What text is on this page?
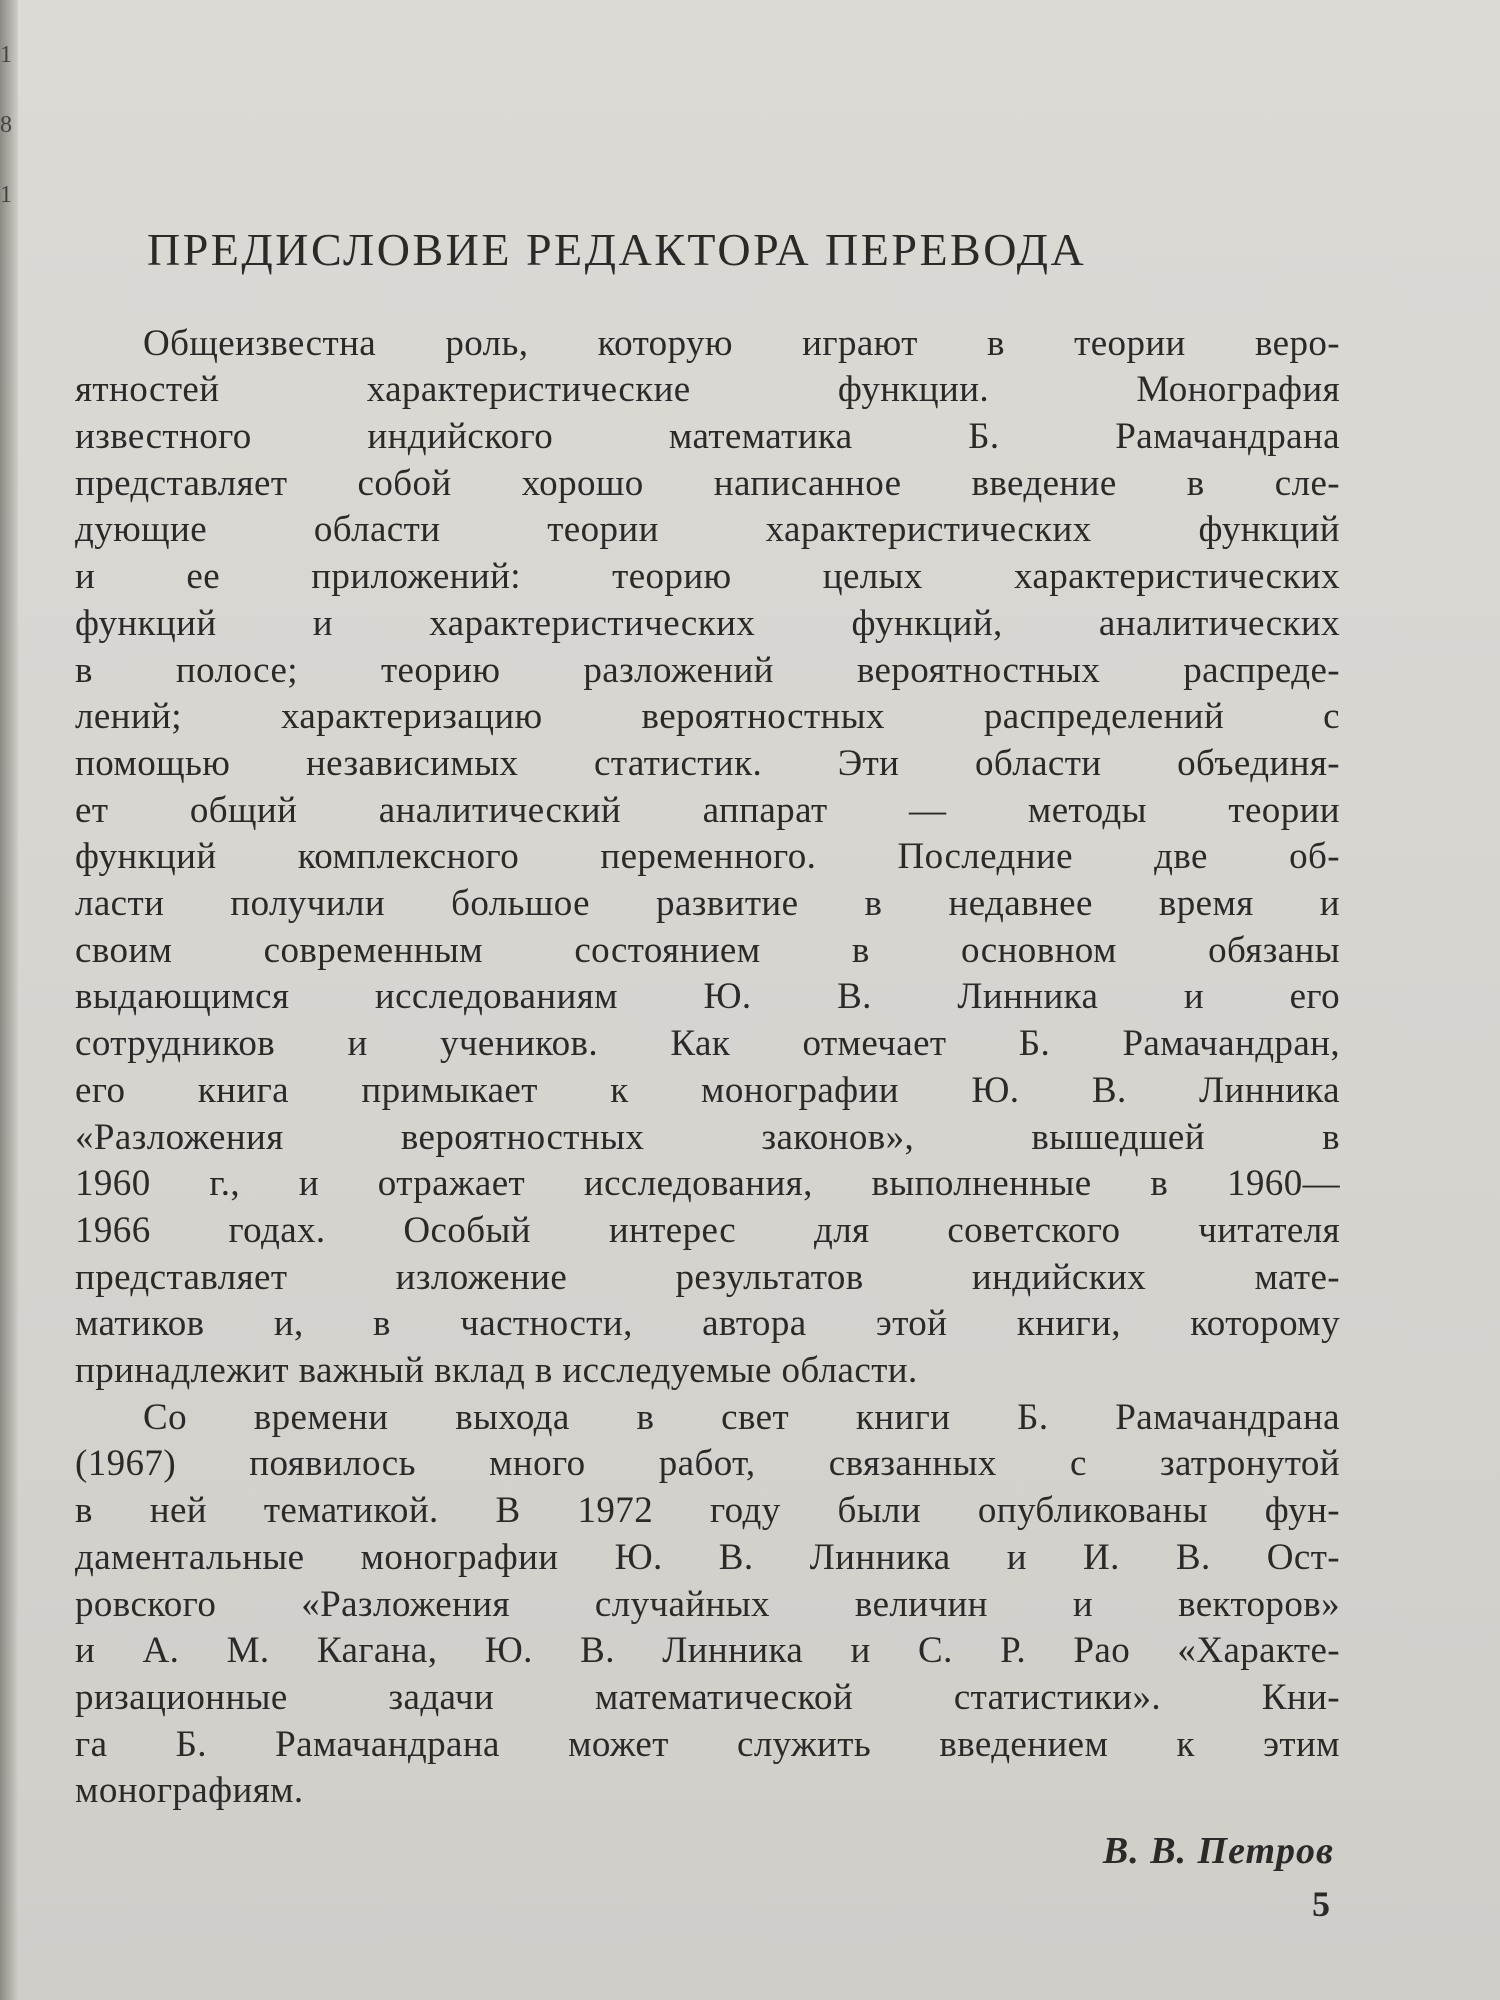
1
8
1
ПРЕДИСЛОВИЕ РЕДАКТОРА ПЕРЕВОДА
Общеизвестна роль, которую играют в теории веро-
ятностей характеристические функции. Монография
известного индийского математика Б. Рамачандрана
представляет собой хорошо написанное введение в сле-
дующие области теории характеристических функций
и ее приложений: теорию целых характеристических
функций и характеристических функций, аналитических
в полосе; теорию разложений вероятностных распреде-
лений; характеризацию вероятностных распределений с
помощью независимых статистик. Эти области объединя-
ет общий аналитический аппарат — методы теории
функций комплексного переменного. Последние две об-
ласти получили большое развитие в недавнее время и
своим современным состоянием в основном обязаны
выдающимся исследованиям Ю. В. Линника и его
сотрудников и учеников. Как отмечает Б. Рамачандран,
его книга примыкает к монографии Ю. В. Линника
«Разложения вероятностных законов», вышедшей в
1960 г., и отражает исследования, выполненные в 1960—
1966 годах. Особый интерес для советского читателя
представляет изложение результатов индийских мате-
матиков и, в частности, автора этой книги, которому
принадлежит важный вклад в исследуемые области.
Со времени выхода в свет книги Б. Рамачандрана
(1967) появилось много работ, связанных с затронутой
в ней тематикой. В 1972 году были опубликованы фун-
даментальные монографии Ю. В. Линника и И. В. Ост-
ровского «Разложения случайных величин и векторов»
и А. М. Кагана, Ю. В. Линника и С. Р. Рао «Характе-
ризационные задачи математической статистики». Кни-
га Б. Рамачандрана может служить введением к этим
монографиям.
В. В. Петров
5
